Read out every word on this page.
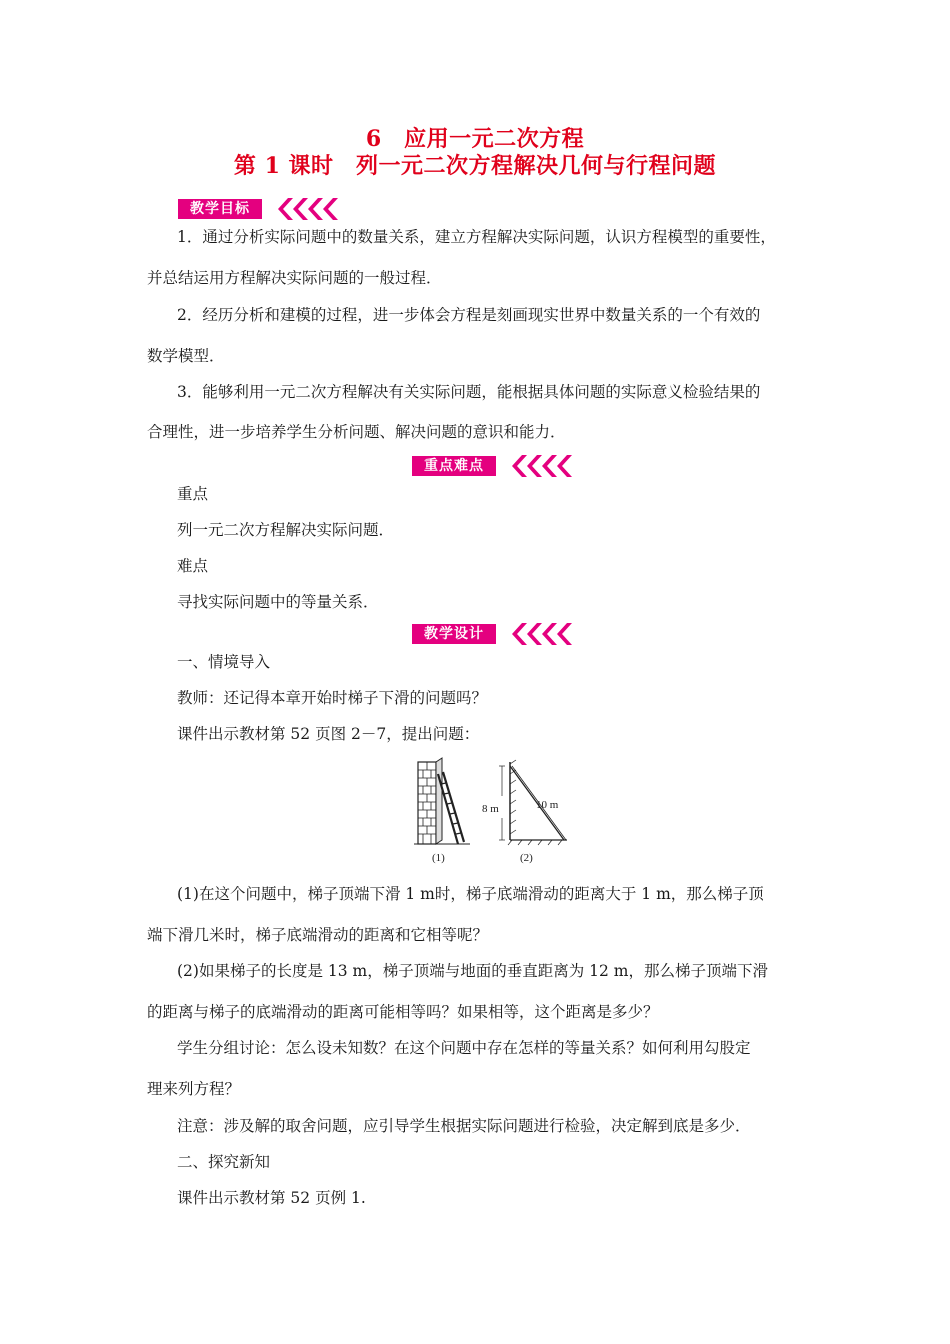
6　应用一元二次方程
第 1 课时　列一元二次方程解决几何与行程问题
教学目标
1．通过分析实际问题中的数量关系，建立方程解决实际问题，认识方程模型的重要性，
并总结运用方程解决实际问题的一般过程．
2．经历分析和建模的过程，进一步体会方程是刻画现实世界中数量关系的一个有效的
数学模型．
3．能够利用一元二次方程解决有关实际问题，能根据具体问题的实际意义检验结果的
合理性，进一步培养学生分析问题、解决问题的意识和能力．
重点难点
重点
列一元二次方程解决实际问题．
难点
寻找实际问题中的等量关系．
教学设计
一、情境导入
教师：还记得本章开始时梯子下滑的问题吗？
课件出示教材第 52 页图 2－7，提出问题：
8 m	10 m
(1)	(2)
(1)在这个问题中，梯子顶端下滑 1 m时，梯子底端滑动的距离大于 1 m，那么梯子顶
端下滑几米时，梯子底端滑动的距离和它相等呢？
(2)如果梯子的长度是 13 m，梯子顶端与地面的垂直距离为 12 m，那么梯子顶端下滑
的距离与梯子的底端滑动的距离可能相等吗？如果相等，这个距离是多少？
学生分组讨论：怎么设未知数？在这个问题中存在怎样的等量关系？如何利用勾股定
理来列方程？
注意：涉及解的取舍问题，应引导学生根据实际问题进行检验，决定解到底是多少．
二、探究新知
课件出示教材第 52 页例 1.
